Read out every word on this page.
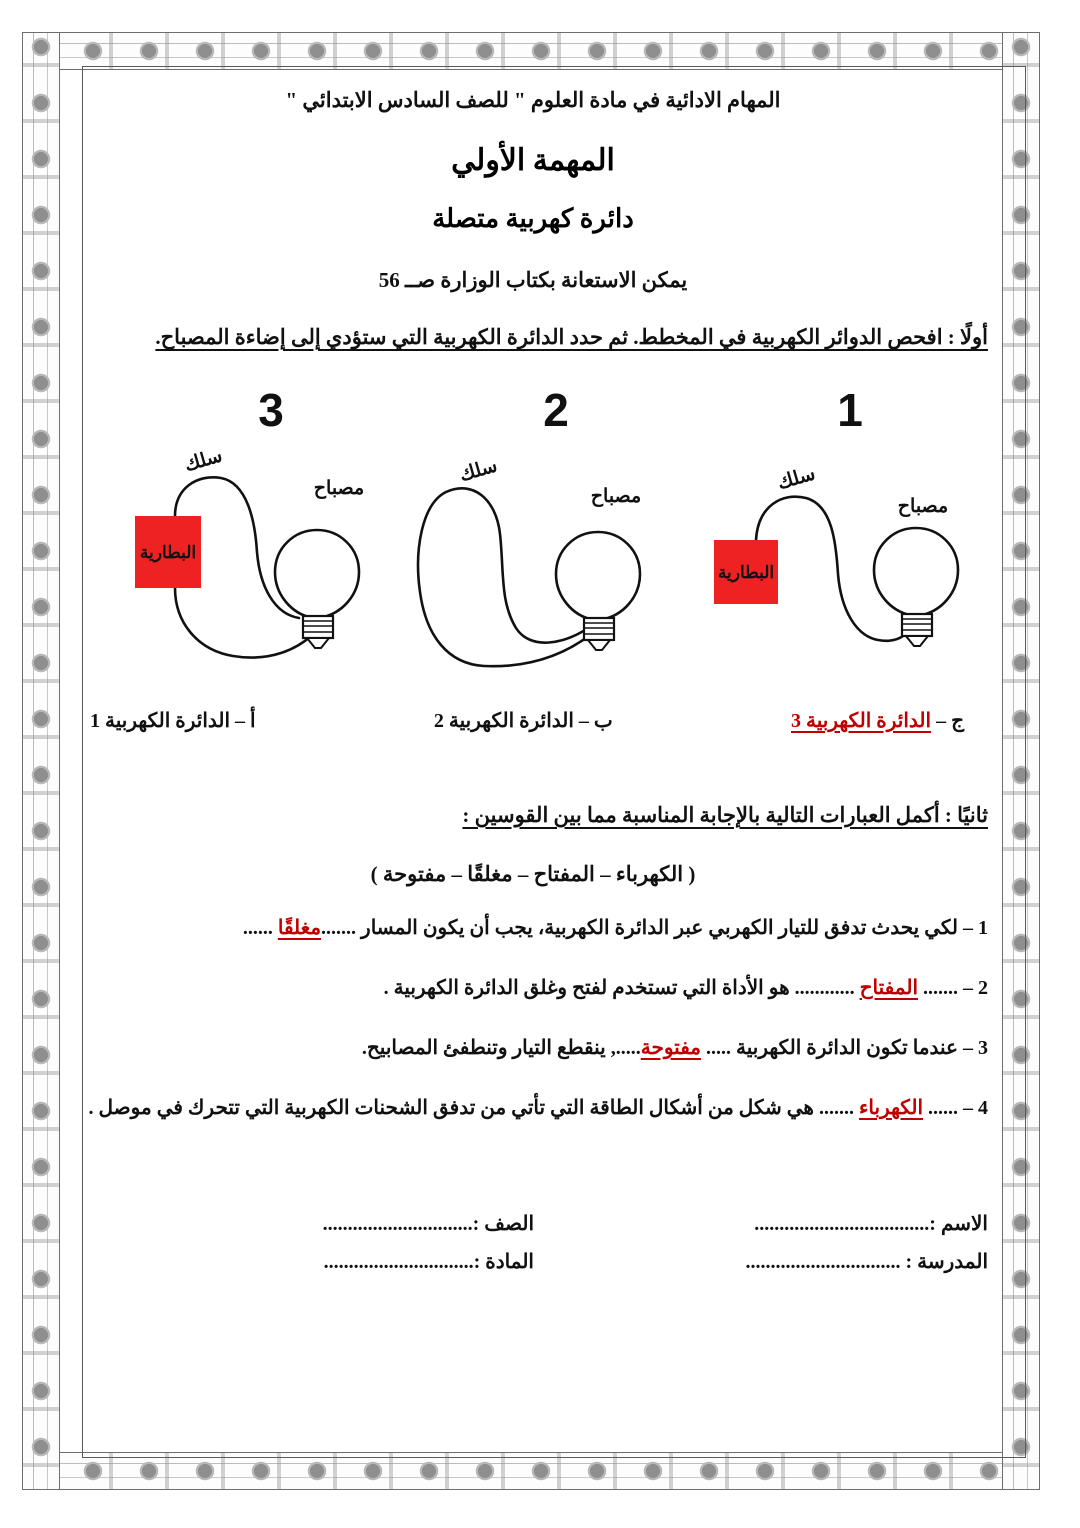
المهام الادائية في مادة العلوم " للصف السادس الابتدائي "
المهمة الأولي
دائرة كهربية متصلة
يمكن الاستعانة بكتاب الوزارة صــ 56
أولًا : افحص الدوائر الكهربية في المخطط. ثم حدد الدائرة الكهربية التي ستؤدي إلى إضاءة المصباح.
1
سلك
مصباح
البطارية
2
سلك
مصباح
3
سلك
مصباح
البطارية
ج – الدائرة الكهربية 3
ب – الدائرة الكهربية 2
أ – الدائرة الكهربية 1
ثانيًا : أكمل العبارات التالية بالإجابة المناسبة مما بين القوسين :
( الكهرباء – المفتاح – مغلقًا – مفتوحة )
1 – لكي يحدث تدفق للتيار الكهربي عبر الدائرة الكهربية، يجب أن يكون المسار .......مغلقًا ......
2 – ....... المفتاح ............ هو الأداة التي تستخدم لفتح وغلق الدائرة الكهربية .
3 – عندما تكون الدائرة الكهربية ..... مفتوحة....., ينقطع التيار وتنطفئ المصابيح.
4 – ...... الكهرباء ....... هي شكل من أشكال الطاقة التي تأتي من تدفق الشحنات الكهربية التي تتحرك في موصل .
الاسم :...................................
الصف :..............................
المدرسة : ...............................
المادة :..............................
